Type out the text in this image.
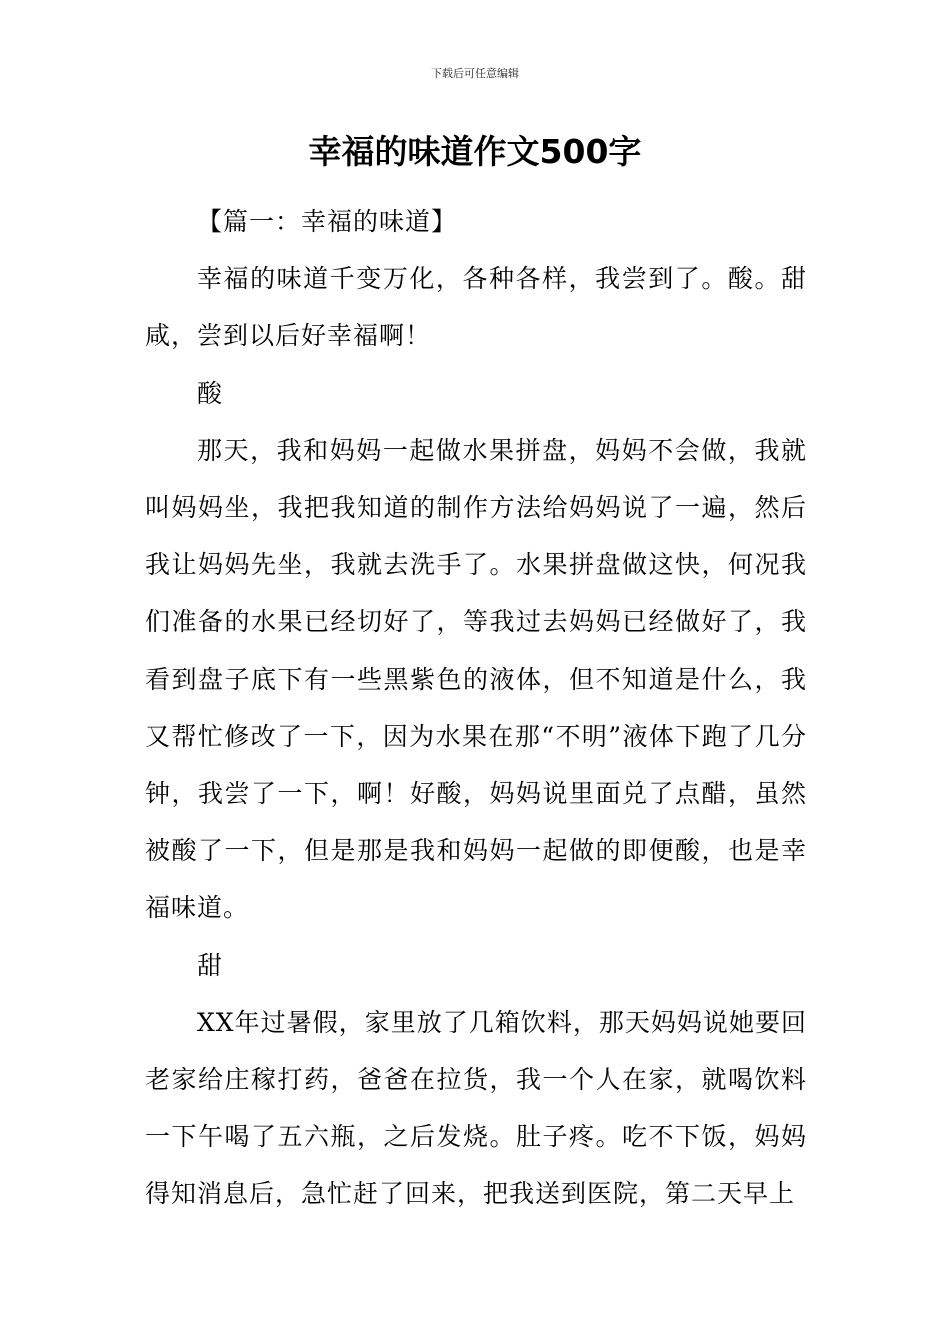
下载后可任意编辑
幸福的味道作文500字

【篇一：幸福的味道】

幸福的味道千变万化，各种各样，我尝到了。酸。甜咸，尝到以后好幸福啊！

酸

那天，我和妈妈一起做水果拼盘，妈妈不会做，我就叫妈妈坐，我把我知道的制作方法给妈妈说了一遍，然后我让妈妈先坐，我就去洗手了。水果拼盘做这快，何况我们准备的水果已经切好了，等我过去妈妈已经做好了，我看到盘子底下有一些黑紫色的液体，但不知道是什么，我又帮忙修改了一下，因为水果在那“不明”液体下跑了几分钟，我尝了一下，啊！好酸，妈妈说里面兑了点醋，虽然被酸了一下，但是那是我和妈妈一起做的即便酸，也是幸福味道。

甜

XX年过暑假，家里放了几箱饮料，那天妈妈说她要回老家给庄稼打药，爸爸在拉货，我一个人在家，就喝饮料一下午喝了五六瓶，之后发烧。肚子疼。吃不下饭，妈妈得知消息后，急忙赶了回来，把我送到医院，第二天早上
